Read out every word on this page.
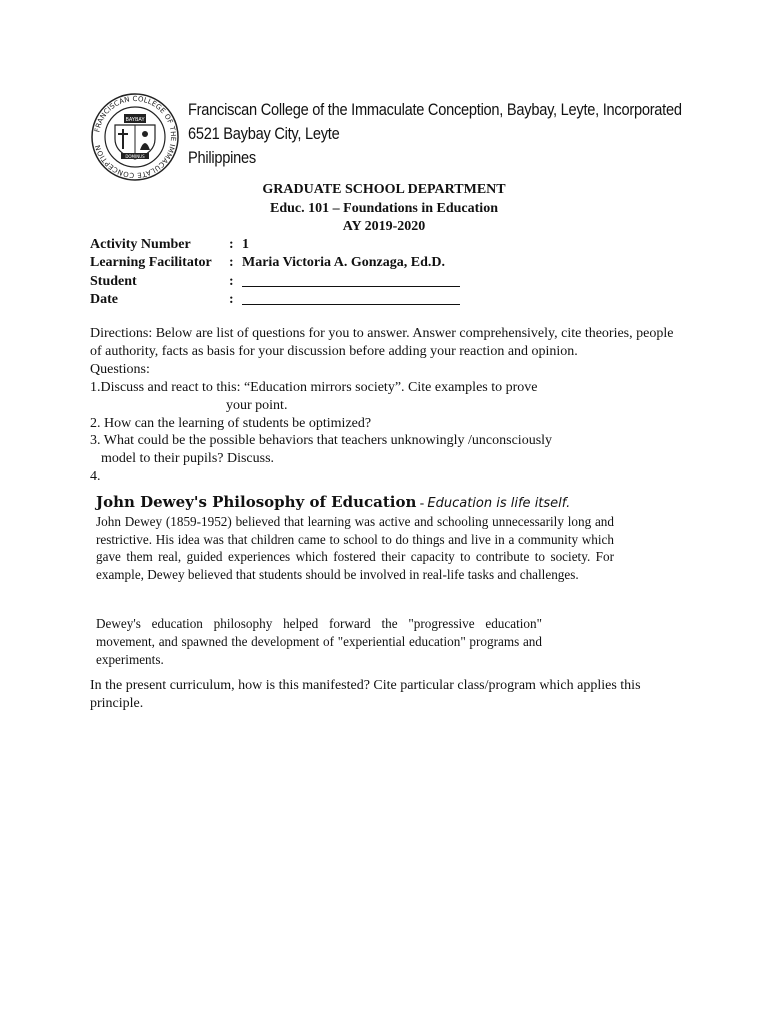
FRANCISCAN COLLEGE OF THE IMMACULATE CONCEPTION
BAYBAY
DOMINUS
Franciscan College of the Immaculate Conception, Baybay, Leyte, Incorporated
6521 Baybay City, Leyte
Philippines
GRADUATE SCHOOL DEPARTMENT
Educ. 101 – Foundations in Education
AY 2019-2020
Activity Number	: 1
Learning Facilitator	: Maria Victoria A. Gonzaga, Ed.D.
Student	:
Date	:
Directions: Below are list of questions for you to answer. Answer comprehensively, cite theories, people of authority, facts as basis for your discussion before adding your reaction and opinion.
Questions:
1.Discuss and react to this: “Education mirrors society”. Cite examples to prove
your point.
2. How can the learning of students be optimized?
3. What could be the possible behaviors that teachers unknowingly /unconsciously
model to their pupils? Discuss.
4.
John Dewey's Philosophy of Education - Education is life itself.
John Dewey (1859-1952) believed that learning was active and schooling unnecessarily long and restrictive. His idea was that children came to school to do things and live in a community which gave them real, guided experiences which fostered their capacity to contribute to society. For example, Dewey believed that students should be involved in real-life tasks and challenges.
Dewey's education philosophy helped forward the "progressive education" movement, and spawned the development of "experiential education" programs and experiments.
In the present curriculum, how is this manifested? Cite particular class/program which applies this principle.
